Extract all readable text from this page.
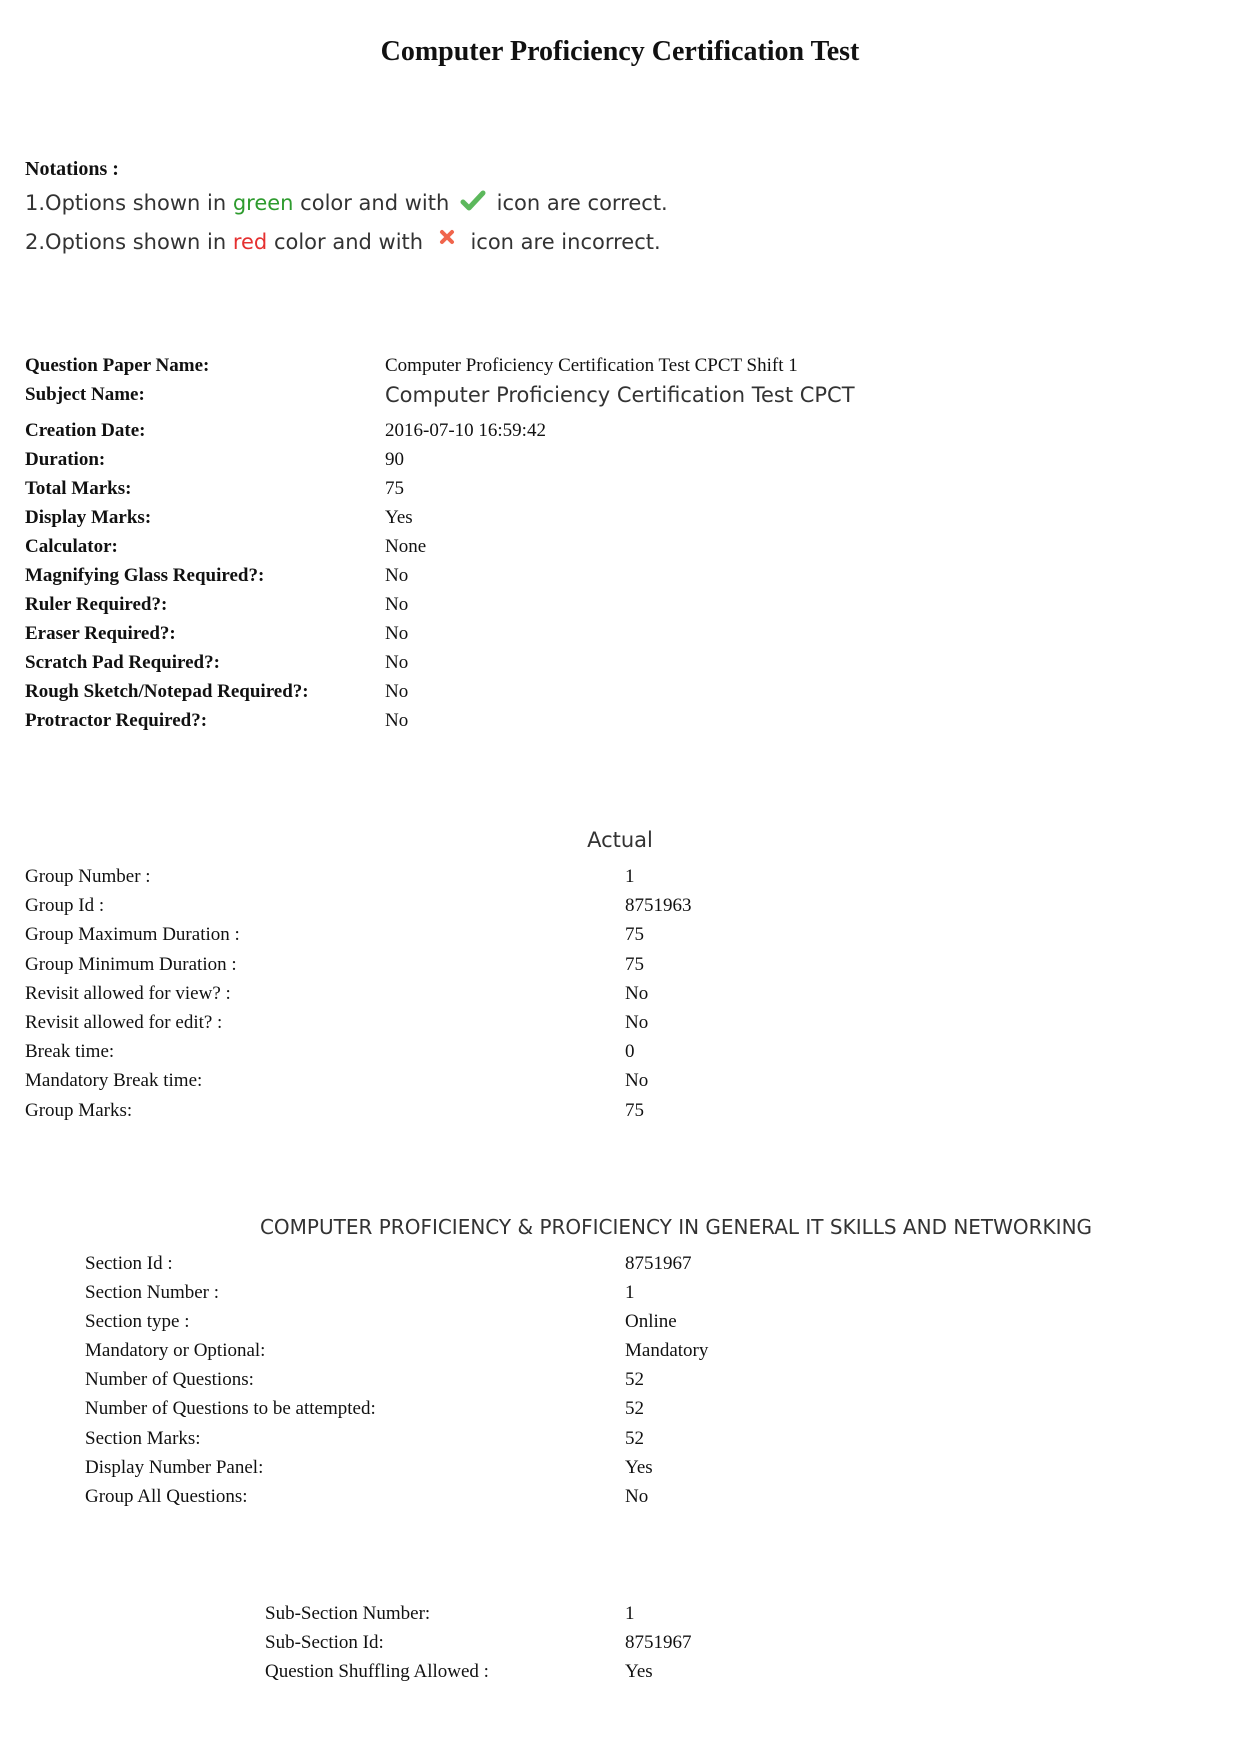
Computer Proficiency Certification Test
Notations :
1.Options shown in green color and with icon are correct.
2.Options shown in red color and with icon are incorrect.
Question Paper Name:	Computer Proficiency Certification Test CPCT Shift 1
Subject Name:	Computer Proficiency Certification Test CPCT
Creation Date:	2016-07-10 16:59:42
Duration:	90
Total Marks:	75
Display Marks:	Yes
Calculator:	None
Magnifying Glass Required?:	No
Ruler Required?:	No
Eraser Required?:	No
Scratch Pad Required?:	No
Rough Sketch/Notepad Required?:	No
Protractor Required?:	No
Actual
Group Number :	1
Group Id :	8751963
Group Maximum Duration :	75
Group Minimum Duration :	75
Revisit allowed for view? :	No
Revisit allowed for edit? :	No
Break time:	0
Mandatory Break time:	No
Group Marks:	75
COMPUTER PROFICIENCY & PROFICIENCY IN GENERAL IT SKILLS AND NETWORKING
Section Id :	8751967
Section Number :	1
Section type :	Online
Mandatory or Optional:	Mandatory
Number of Questions:	52
Number of Questions to be attempted:	52
Section Marks:	52
Display Number Panel:	Yes
Group All Questions:	No
Sub-Section Number:	1
Sub-Section Id:	8751967
Question Shuffling Allowed :	Yes
